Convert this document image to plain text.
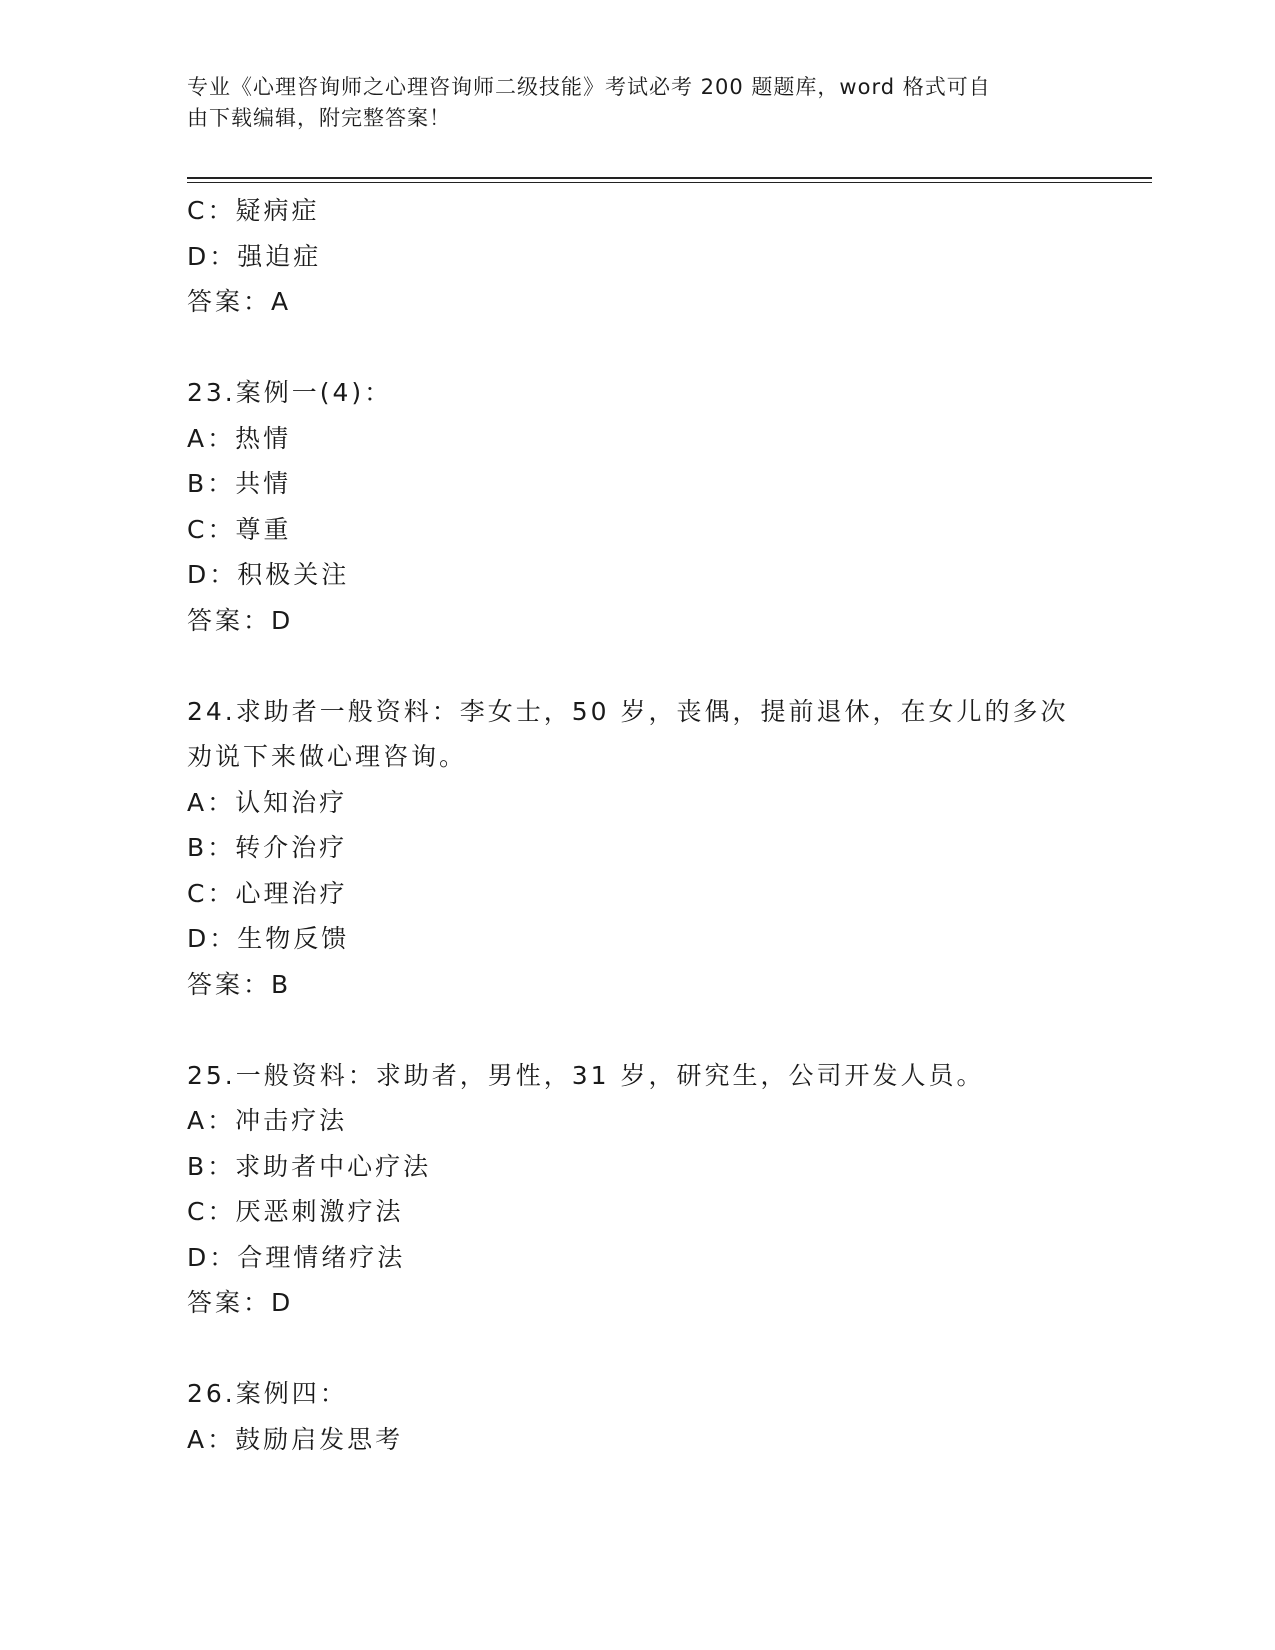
专业《心理咨询师之心理咨询师二级技能》考试必考 200 题题库，word 格式可自
由下载编辑，附完整答案！
C：疑病症
D：强迫症
答案：A
23.案例一(4)：
A：热情
B：共情
C：尊重
D：积极关注
答案：D
24.求助者一般资料：李女士，50 岁，丧偶，提前退休，在女儿的多次
劝说下来做心理咨询。
A：认知治疗
B：转介治疗
C：心理治疗
D：生物反馈
答案：B
25.一般资料：求助者，男性，31 岁，研究生，公司开发人员。
A：冲击疗法
B：求助者中心疗法
C：厌恶刺激疗法
D：合理情绪疗法
答案：D
26.案例四：
A：鼓励启发思考
